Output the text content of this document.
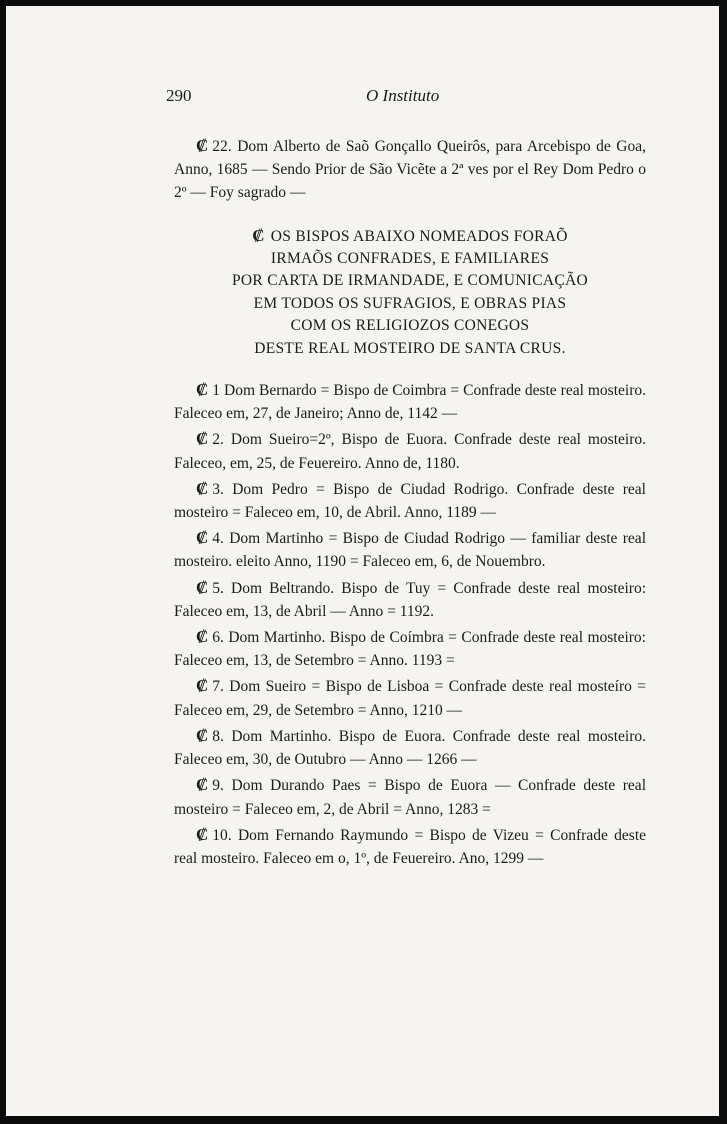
290	O Instituto

₡ 22. Dom Alberto de Saõ Gonçallo Queirôs, para Arcebispo de Goa, Anno, 1685 — Sendo Prior de São Vicẽte a 2ª ves por el Rey Dom Pedro o 2º — Foy sagrado —

₡ OS BISPOS ABAIXO NOMEADOS FORAÕ
IRMAÕS CONFRADES, E FAMILIARES
POR CARTA DE IRMANDADE, E COMUNICAÇÃO
EM TODOS OS SUFRAGIOS, E OBRAS PIAS
COM OS RELIGIOZOS CONEGOS
DESTE REAL MOSTEIRO DE SANTA CRUS.

₡ 1 Dom Bernardo = Bispo de Coimbra = Confrade deste real mosteiro. Faleceo em, 27, de Janeiro; Anno de, 1142 —

₡ 2. Dom Sueiro=2º, Bispo de Euora. Confrade deste real mosteiro. Faleceo, em, 25, de Feuereiro. Anno de, 1180.

₡ 3. Dom Pedro = Bispo de Ciudad Rodrigo. Confrade deste real mosteiro = Faleceo em, 10, de Abril. Anno, 1189 —

₡ 4. Dom Martinho = Bispo de Ciudad Rodrigo — familiar deste real mosteiro. eleito Anno, 1190 = Faleceo em, 6, de Nouembro.

₡ 5. Dom Beltrando. Bispo de Tuy = Confrade deste real mosteiro: Faleceo em, 13, de Abril — Anno = 1192.

₡ 6. Dom Martinho. Bispo de Coímbra = Confrade deste real mosteiro: Faleceo em, 13, de Setembro = Anno. 1193 =

₡ 7. Dom Sueiro = Bispo de Lisboa = Confrade deste real mosteíro = Faleceo em, 29, de Setembro = Anno, 1210 —

₡ 8. Dom Martinho. Bispo de Euora. Confrade deste real mosteiro. Faleceo em, 30, de Outubro — Anno — 1266 —

₡ 9. Dom Durando Paes = Bispo de Euora — Confrade deste real mosteiro = Faleceo em, 2, de Abril = Anno, 1283 =

₡ 10. Dom Fernando Raymundo = Bispo de Vizeu = Confrade deste real mosteiro. Faleceo em o, 1º, de Feuereiro. Ano, 1299 —
